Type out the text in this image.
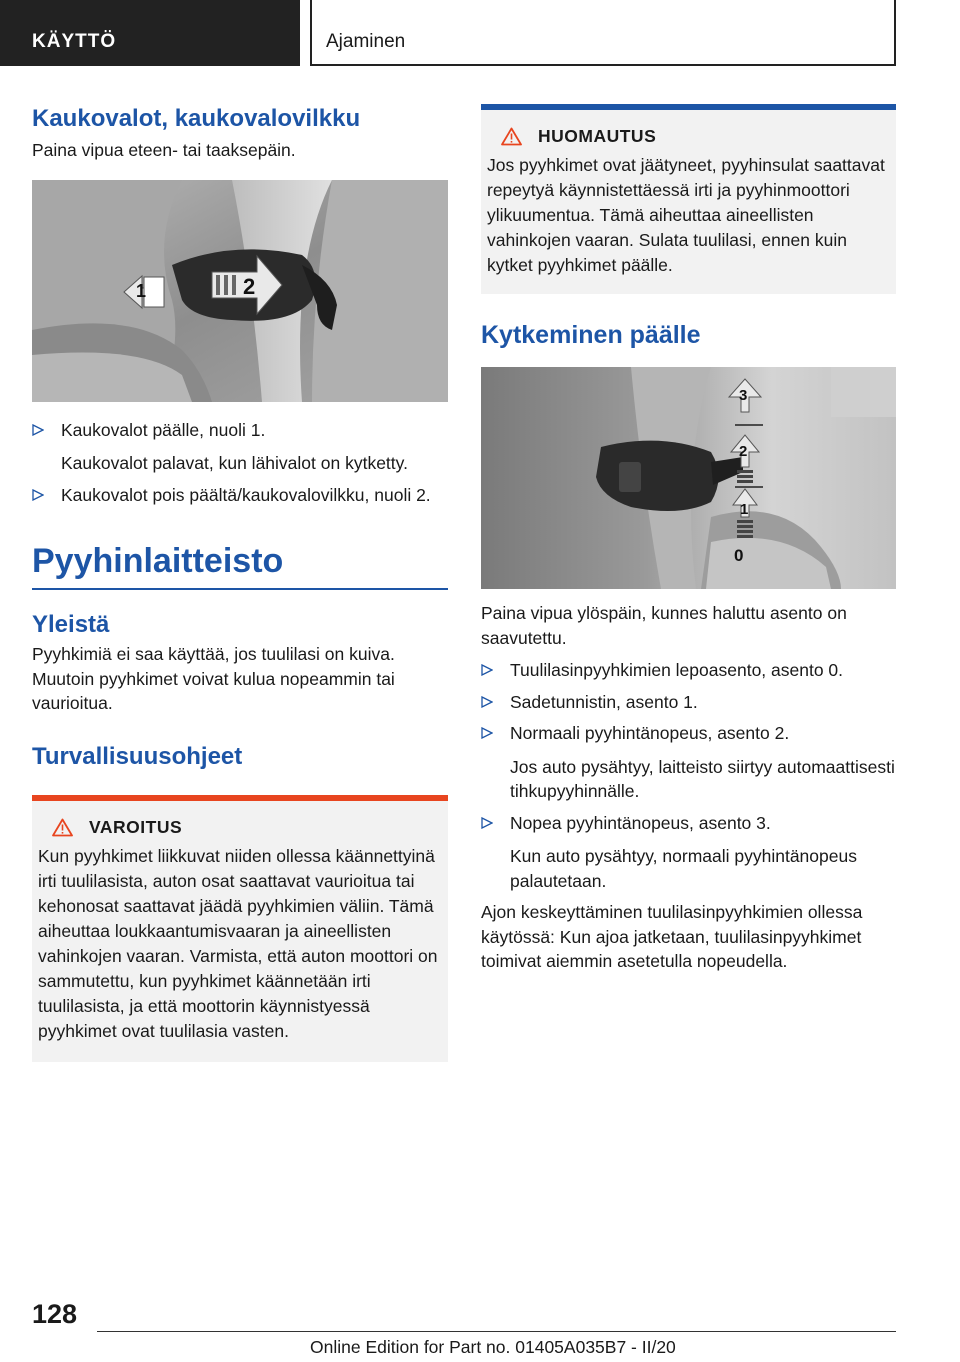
KÄYTTÖ	Ajaminen
Kaukovalot, kaukovalovilkku
Paina vipua eteen- tai taaksepäin.
1	2
Kaukovalot päälle, nuoli 1.
Kaukovalot palavat, kun lähivalot on kytketty.
Kaukovalot pois päältä/kaukovalovilkku, nuoli 2.
Pyyhinlaitteisto
Yleistä
Pyyhkimiä ei saa käyttää, jos tuulilasi on kuiva. Muutoin pyyhkimet voivat kulua nopeammin tai vaurioitua.
Turvallisuusohjeet
VAROITUS
Kun pyyhkimet liikkuvat niiden ollessa käännettyinä irti tuulilasista, auton osat saattavat vaurioitua tai kehonosat saattavat jäädä pyyhkimien väliin. Tämä aiheuttaa loukkaantumisvaaran ja aineellisten vahinkojen vaaran. Varmista, että auton moottori on sammutettu, kun pyyhkimet käännetään irti tuulilasista, ja että moottorin käynnistyessä pyyhkimet ovat tuulilasia vasten.
HUOMAUTUS
Jos pyyhkimet ovat jäätyneet, pyyhinsulat saattavat repeytyä käynnistettäessä irti ja pyyhinmoottori ylikuumentua. Tämä aiheuttaa aineellisten vahinkojen vaaran. Sulata tuulilasi, ennen kuin kytket pyyhkimet päälle.
Kytkeminen päälle
3
2
1
0
Paina vipua ylöspäin, kunnes haluttu asento on saavutettu.
Tuulilasinpyyhkimien lepoasento, asento 0.
Sadetunnistin, asento 1.
Normaali pyyhintänopeus, asento 2.
Jos auto pysähtyy, laitteisto siirtyy automaattisesti tihkupyyhinnälle.
Nopea pyyhintänopeus, asento 3.
Kun auto pysähtyy, normaali pyyhintänopeus palautetaan.
Ajon keskeyttäminen tuulilasinpyyhkimien ollessa käytössä: Kun ajoa jatketaan, tuulilasinpyyhkimet toimivat aiemmin asetetulla nopeudella.
128
Online Edition for Part no. 01405A035B7 - II/20
